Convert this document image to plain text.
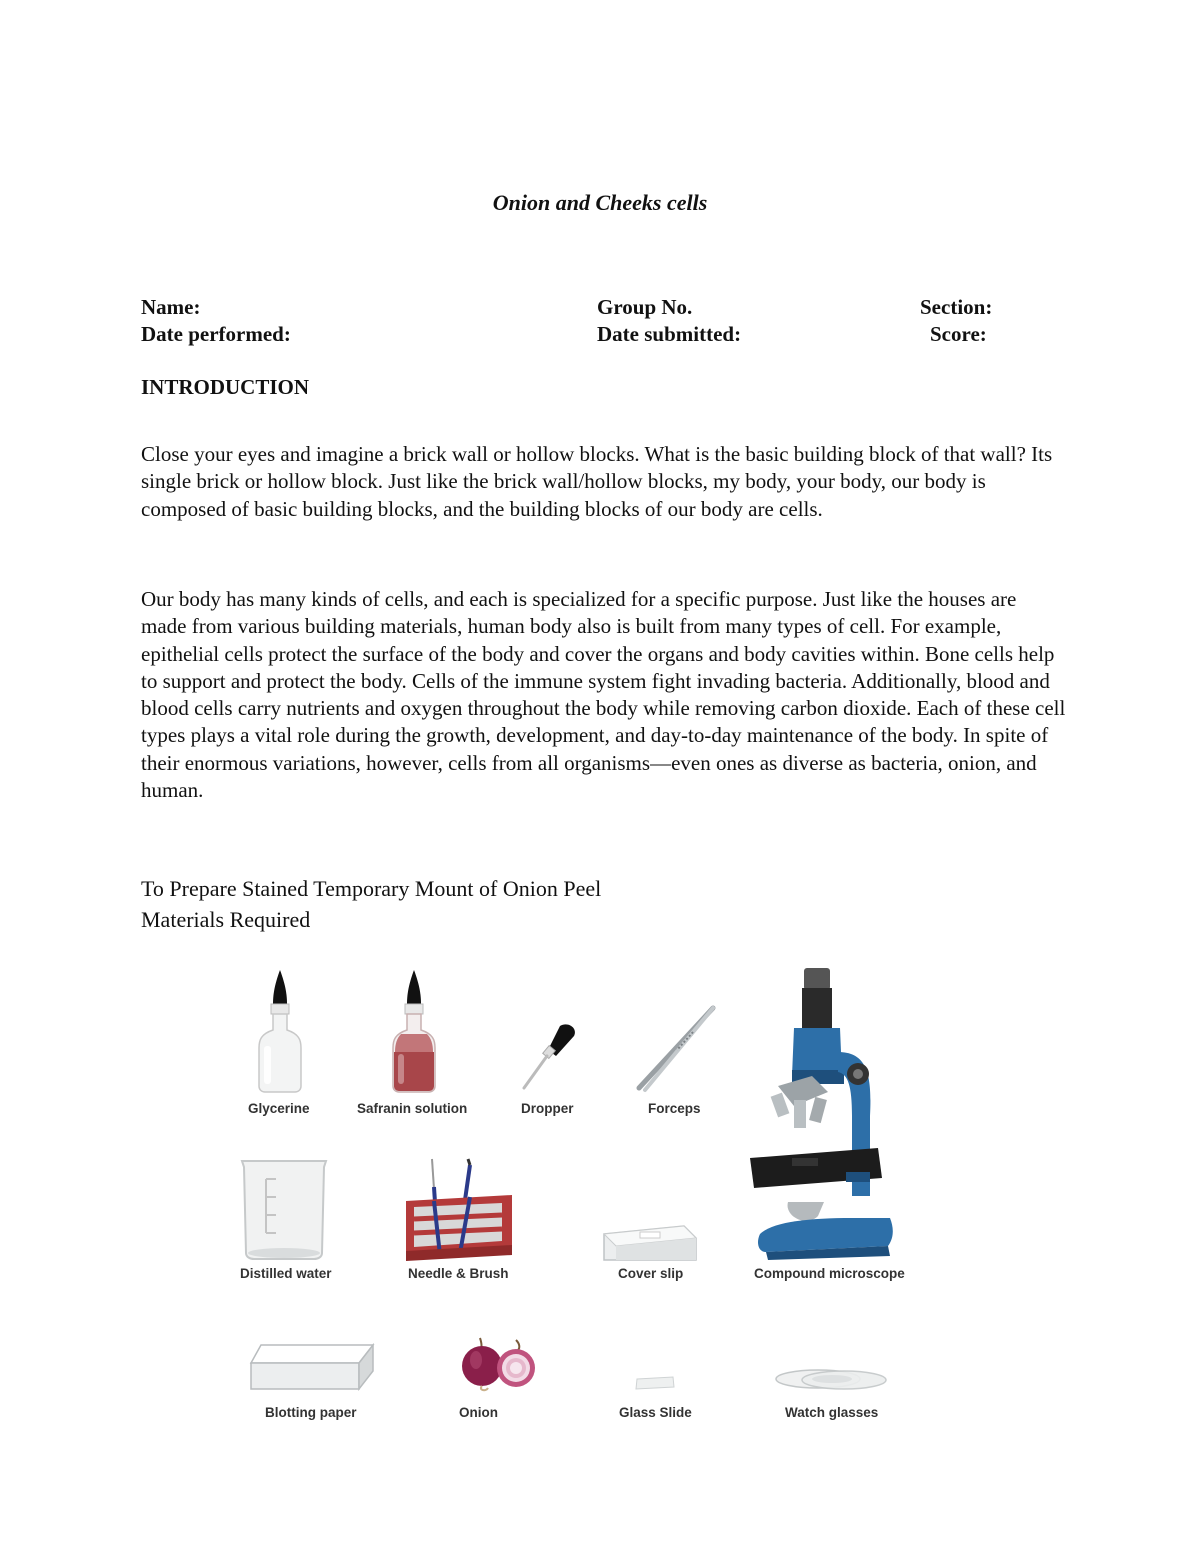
Onion and Cheeks cells
Name:	Group No.	Section:
Date performed:	Date submitted:	Score:
INTRODUCTION

Close your eyes and imagine a brick wall or hollow blocks. What is the basic building block of that wall? Its single brick or hollow block. Just like the brick wall/hollow blocks, my body, your body, our body is composed of basic building blocks, and the building blocks of our body are cells.

Our body has many kinds of cells, and each is specialized for a specific purpose. Just like the houses are made from various building materials, human body also is built from many types of cell. For example, epithelial cells protect the surface of the body and cover the organs and body cavities within. Bone cells help to support and protect the body. Cells of the immune system fight invading bacteria. Additionally, blood and blood cells carry nutrients and oxygen throughout the body while removing carbon dioxide. Each of these cell types plays a vital role during the growth, development, and day-to-day maintenance of the body. In spite of their enormous variations, however, cells from all organisms—even ones as diverse as bacteria, onion, and human.

To Prepare Stained Temporary Mount of Onion Peel
Materials Required
Glycerine	Safranin solution	Dropper	Forceps
Distilled water	Needle & Brush	Cover slip	Compound microscope
Blotting paper	Onion	Glass Slide	Watch glasses
